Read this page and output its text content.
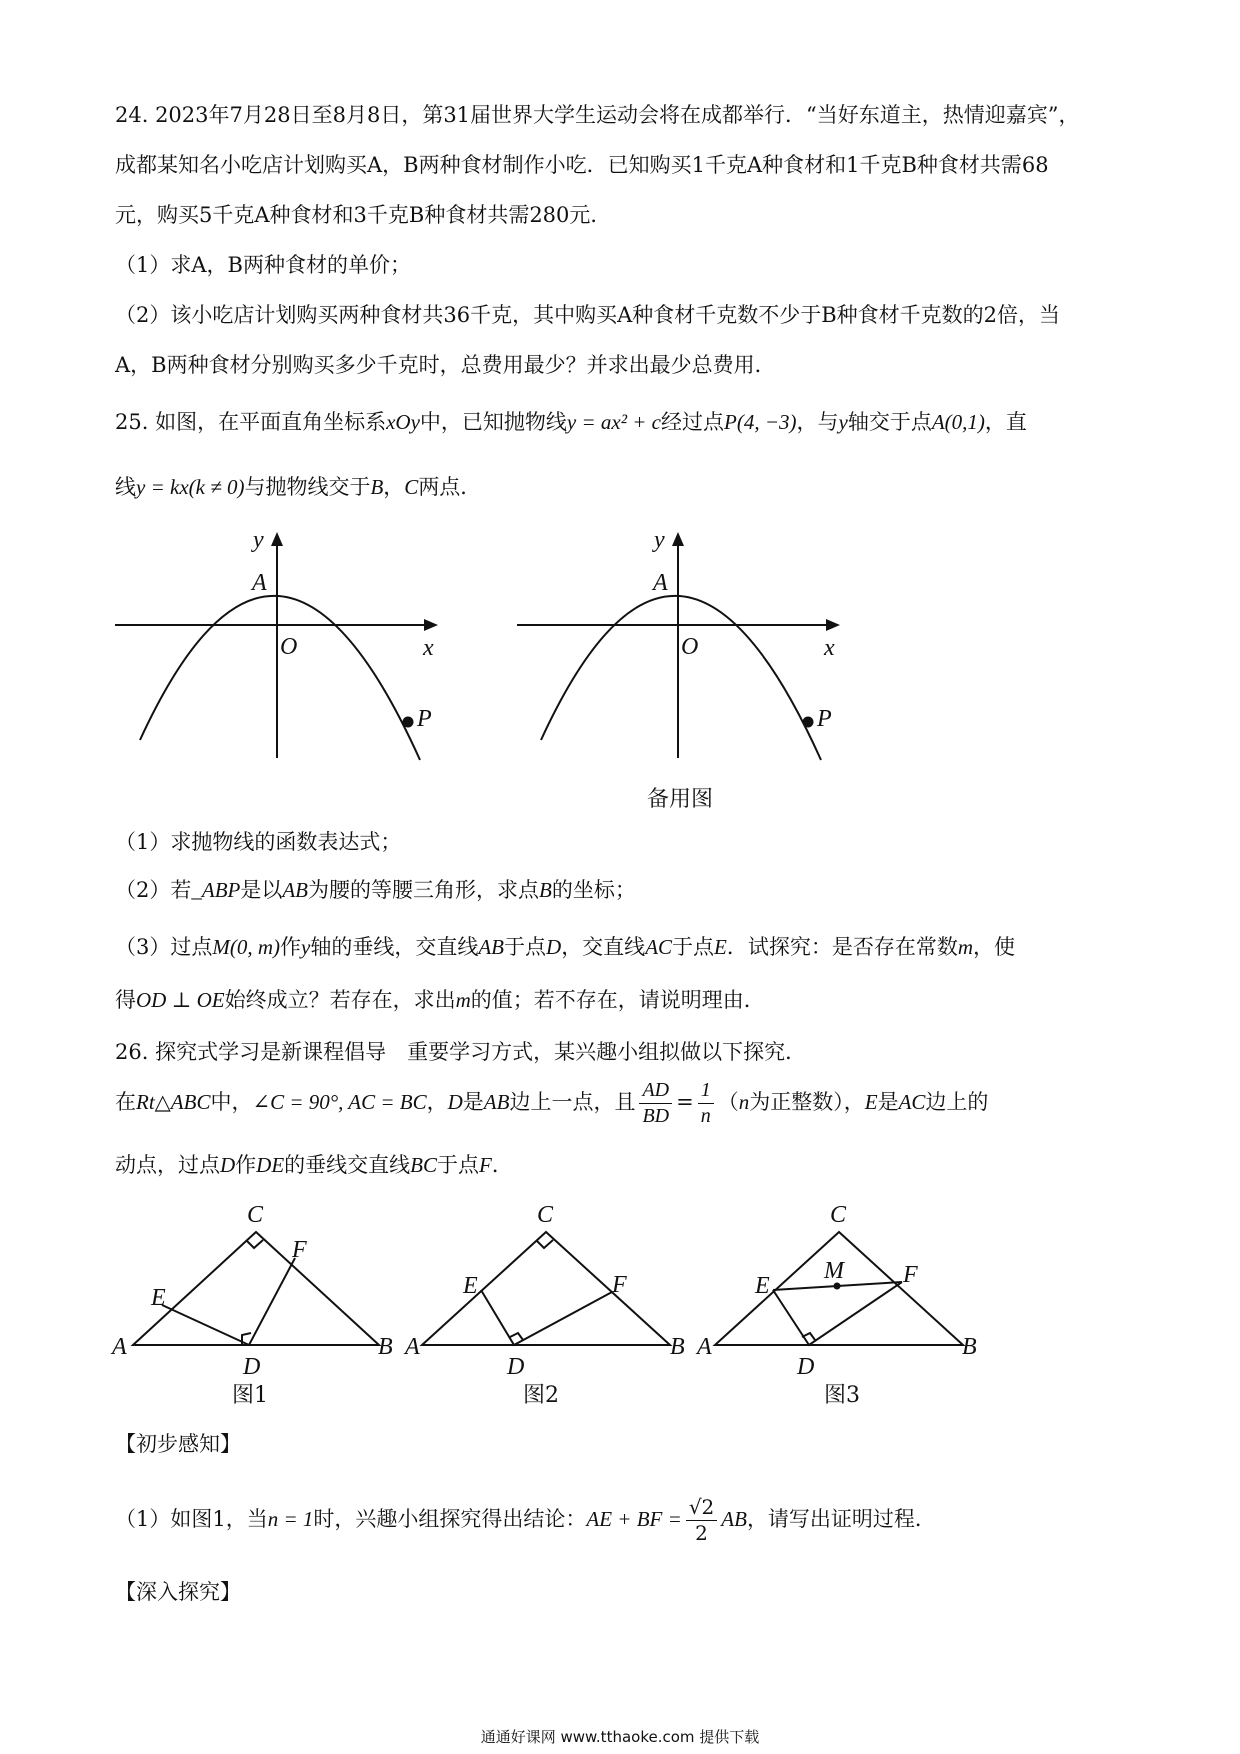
24. 2023年7月28日至8月8日，第31届世界大学生运动会将在成都举行．“当好东道主，热情迎嘉宾”，
成都某知名小吃店计划购买A，B两种食材制作小吃．已知购买1千克A种食材和1千克B种食材共需68
元，购买5千克A种食材和3千克B种食材共需280元．
（1）求A，B两种食材的单价；
（2）该小吃店计划购买两种食材共36千克，其中购买A种食材千克数不少于B种食材千克数的2倍，当
A，B两种食材分别购买多少千克时，总费用最少？并求出最少总费用．
25. 如图，在平面直角坐标系xOy中，已知抛物线y = ax² + c经过点P(4, −3)，与y轴交于点A(0,1)，直
线y = kx(k ≠ 0)与抛物线交于B，C两点．
y
A
O	x
P
y
A
O	x
P
备用图
（1）求抛物线的函数表达式；
（2）若_ABP是以AB为腰的等腰三角形，求点B的坐标；
（3）过点M(0, m)作y轴的垂线，交直线AB于点D，交直线AC于点E．试探究：是否存在常数m，使
得OD ⊥ OE始终成立？若存在，求出m的值；若不存在，请说明理由．
26. 探究式学习是新课程倡导　重要学习方式，某兴趣小组拟做以下探究．
在Rt△ABC中，∠C = 90°, AC = BC，D是AB边上一点，且 $\frac{AD}{BD} = \frac{1}{n} (n$为正整数），E是AC边上的
动点，过点D作DE的垂线交直线BC于点F．
C
F
E
A
D
B
C
F
E
A
D
B
C
M F
E
A
D
B
图1	图2	图3
【初步感知】
（1）如图1，当n = 1时，兴趣小组探究得出结论：AE + BF = $\frac{√2}{2}$ AB，请写出证明过程．
【深入探究】
通通好课网 www.tthaoke.com 提供下载
